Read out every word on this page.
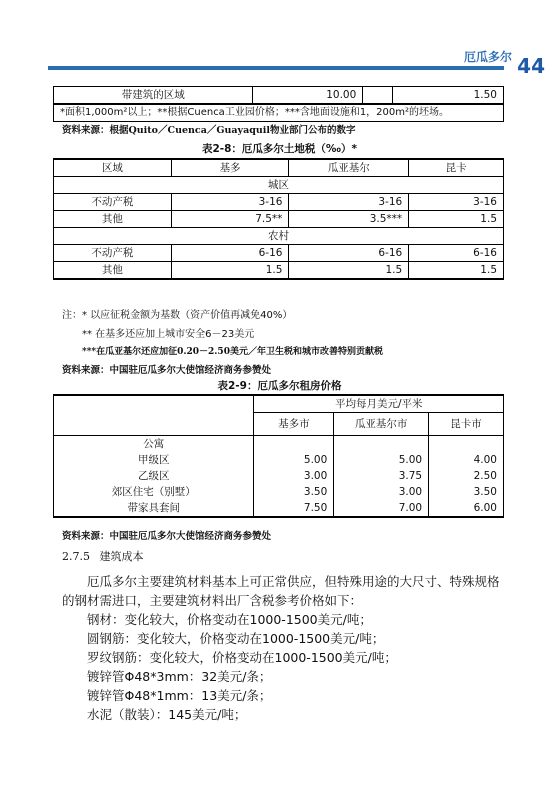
厄瓜多尔 44
带建筑的区域	10.00		1.50
*面积1,000m²以上；**根据Cuenca工业园价格；***含地面设施和1，200m²的坯场。
资料来源：根据Quito／Cuenca／Guayaquil物业部门公布的数字
表2-8：厄瓜多尔土地税（‰）*
区域	基多	瓜亚基尔	昆卡
城区			
不动产税	3-16	3-16	3-16
其他	7.5**	3.5***	1.5
农村			
不动产税	6-16	6-16	6-16
其他	1.5	1.5	1.5
注：* 以应征税金额为基数（资产价值再减免40%）
** 在基多还应加上城市安全6－23美元
***在瓜亚基尔还应加征0.20－2.50美元／年卫生税和城市改善特别贡献税
资料来源：中国驻厄瓜多尔大使馆经济商务参赞处
表2-9：厄瓜多尔租房价格
	平均每月美元/平米		
	基多市	瓜亚基尔市	昆卡市
公寓			
甲级区	5.00	5.00	4.00
乙级区	3.00	3.75	2.50
郊区住宅（别墅）	3.50	3.00	3.50
带家具套间	7.50	7.00	6.00
资料来源：中国驻厄瓜多尔大使馆经济商务参赞处
2.7.5 建筑成本
厄瓜多尔主要建筑材料基本上可正常供应，但特殊用途的大尺寸、特殊规格的钢材需进口，主要建筑材料出厂含税参考价格如下：
钢材：变化较大，价格变动在1000-1500美元/吨；
圆钢筋：变化较大，价格变动在1000-1500美元/吨；
罗纹钢筋：变化较大，价格变动在1000-1500美元/吨；
镀锌管Φ48*3mm：32美元/条；
镀锌管Φ48*1mm：13美元/条；
水泥（散装）：145美元/吨；
